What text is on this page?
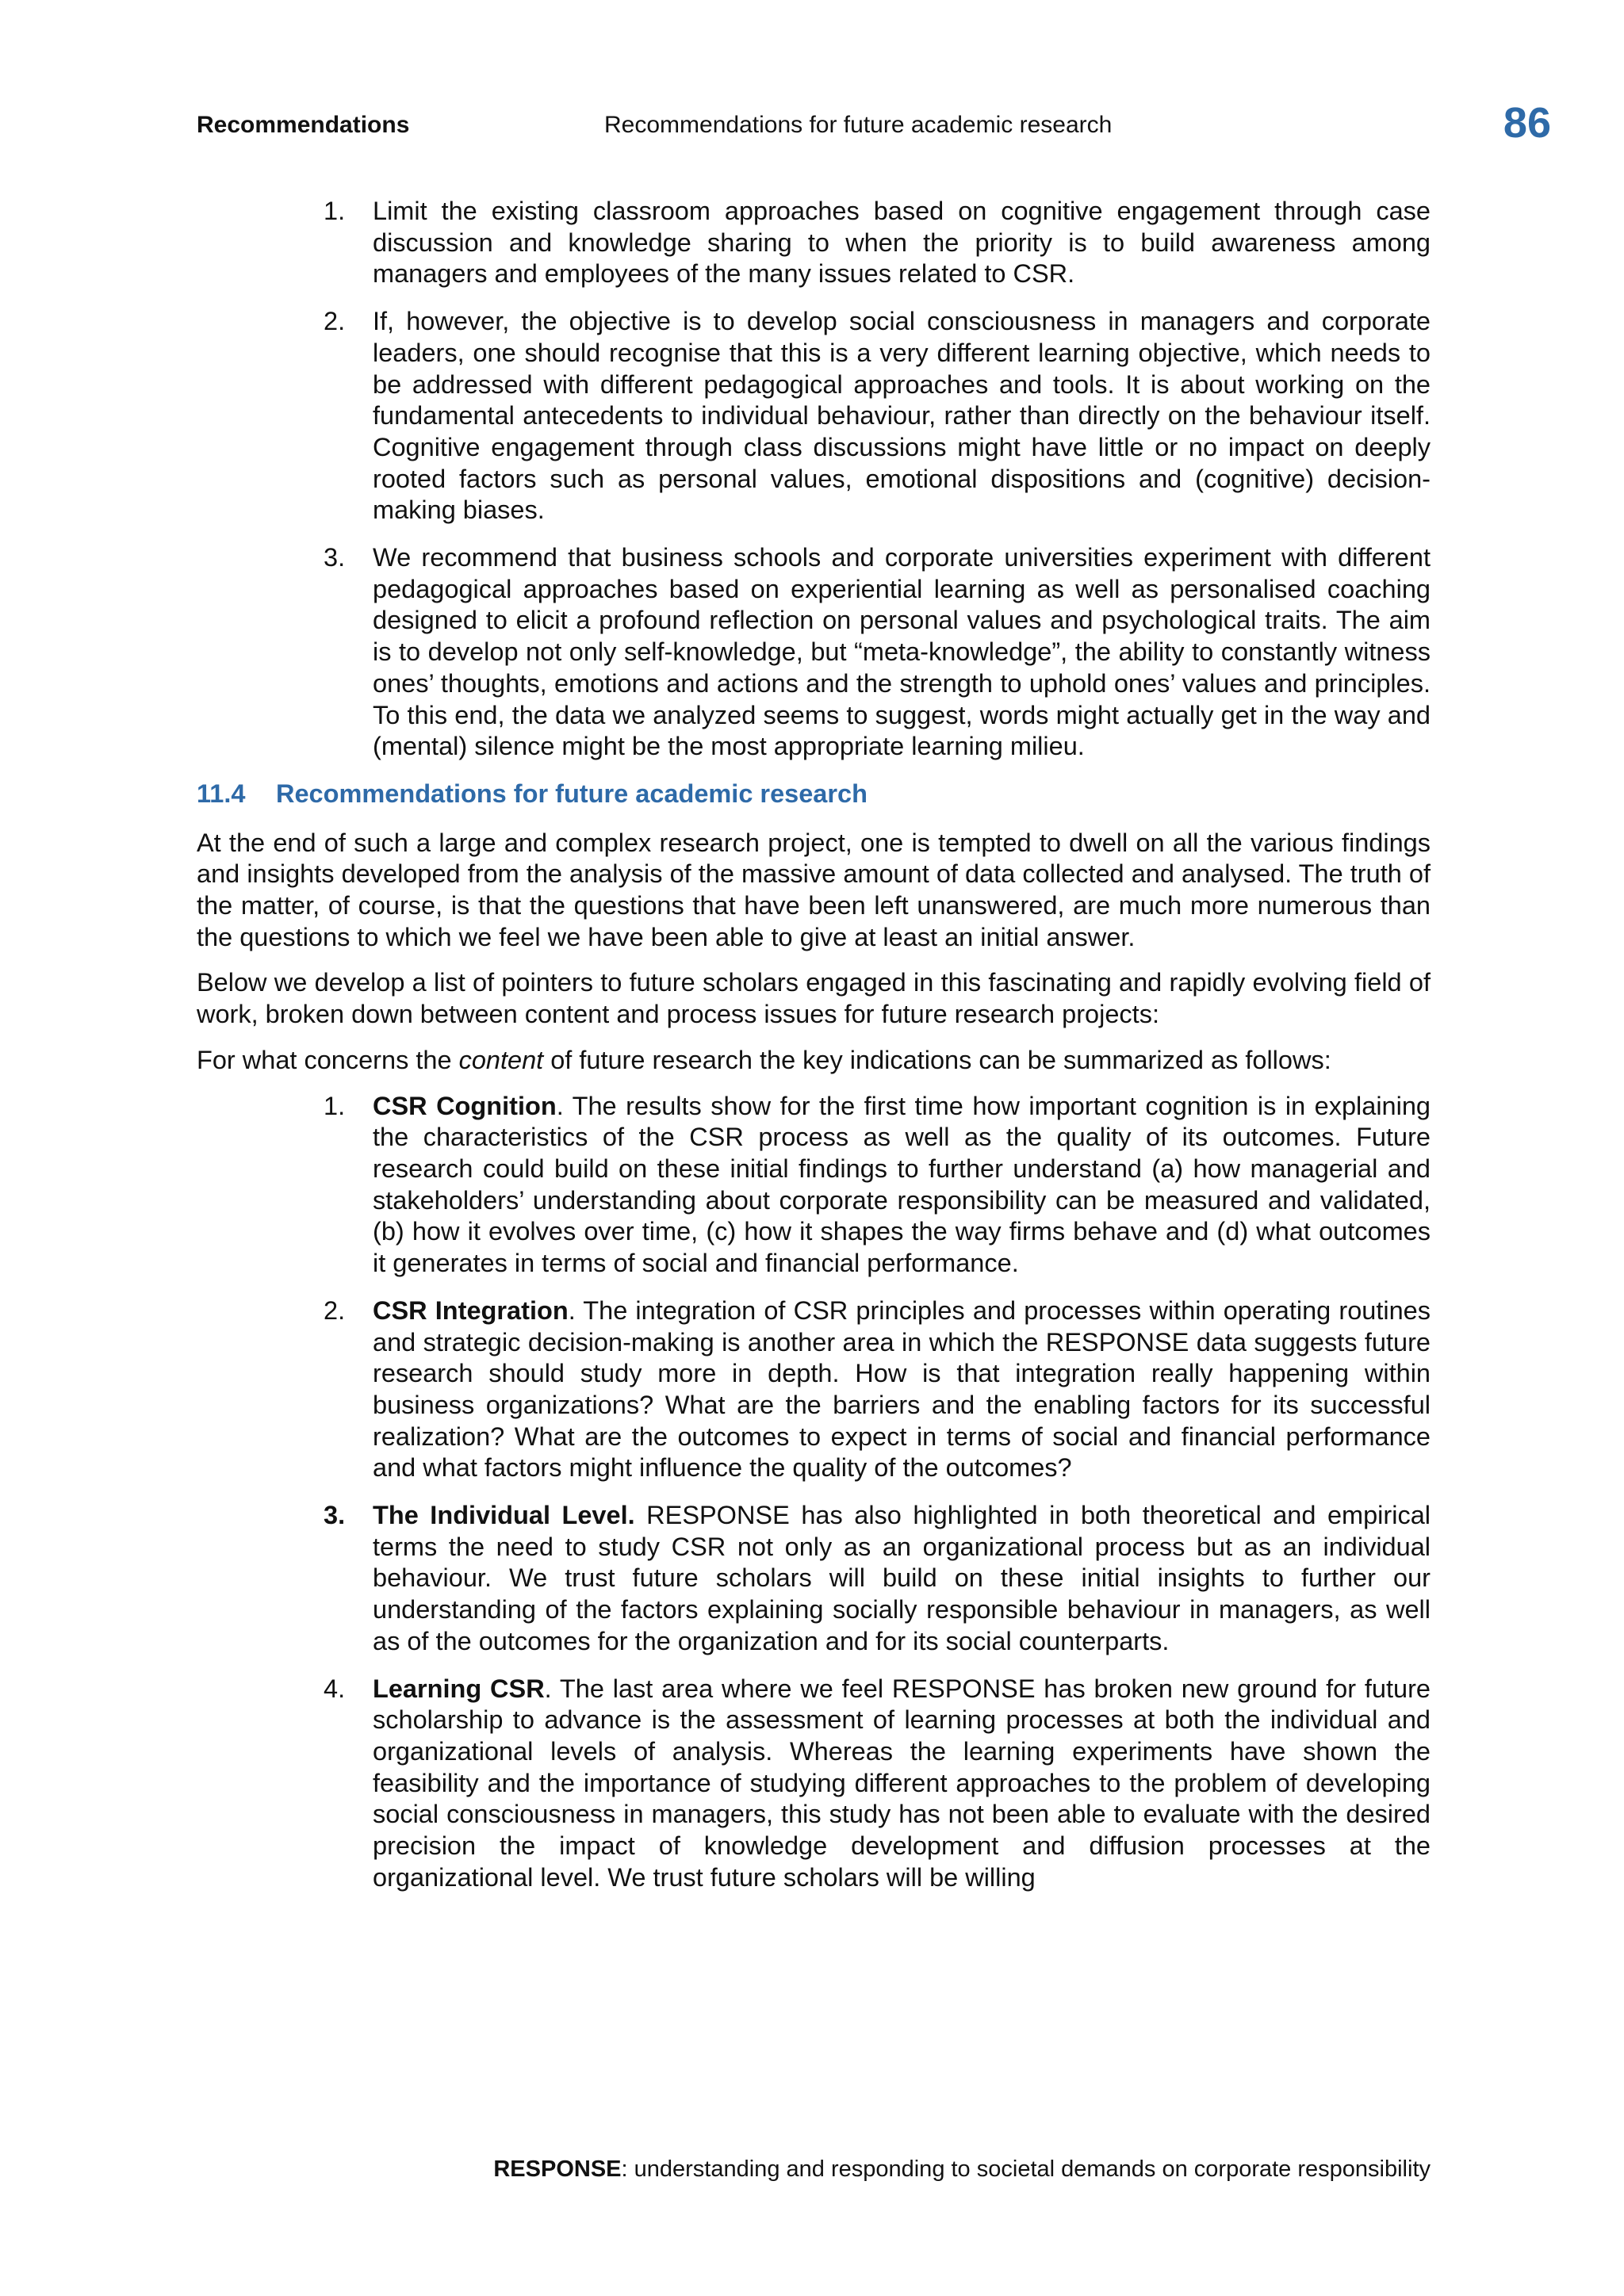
Recommendations	Recommendations for future academic research	86
1.	Limit the existing classroom approaches based on cognitive engagement through case discussion and knowledge sharing to when the priority is to build awareness among managers and employees of the many issues related to CSR.
2.	If, however, the objective is to develop social consciousness in managers and corporate leaders, one should recognise that this is a very different learning objective, which needs to be addressed with different pedagogical approaches and tools. It is about working on the fundamental antecedents to individual behaviour, rather than directly on the behaviour itself. Cognitive engagement through class discussions might have little or no impact on deeply rooted factors such as personal values, emotional dispositions and (cognitive) decision-making biases.
3.	We recommend that business schools and corporate universities experiment with different pedagogical approaches based on experiential learning as well as personalised coaching designed to elicit a profound reflection on personal values and psychological traits. The aim is to develop not only self-knowledge, but “meta-knowledge”, the ability to constantly witness ones’ thoughts, emotions and actions and the strength to uphold ones’ values and principles. To this end, the data we analyzed seems to suggest, words might actually get in the way and (mental) silence might be the most appropriate learning milieu.
11.4 Recommendations for future academic research

At the end of such a large and complex research project, one is tempted to dwell on all the various findings and insights developed from the analysis of the massive amount of data collected and analysed. The truth of the matter, of course, is that the questions that have been left unanswered, are much more numerous than the questions to which we feel we have been able to give at least an initial answer.

Below we develop a list of pointers to future scholars engaged in this fascinating and rapidly evolving field of work, broken down between content and process issues for future research projects:

For what concerns the content of future research the key indications can be summarized as follows:

1.	CSR Cognition. The results show for the first time how important cognition is in explaining the characteristics of the CSR process as well as the quality of its outcomes. Future research could build on these initial findings to further understand (a) how managerial and stakeholders’ understanding about corporate responsibility can be measured and validated, (b) how it evolves over time, (c) how it shapes the way firms behave and (d) what outcomes it generates in terms of social and financial performance.
2.	CSR Integration. The integration of CSR principles and processes within operating routines and strategic decision-making is another area in which the RESPONSE data suggests future research should study more in depth. How is that integration really happening within business organizations? What are the barriers and the enabling factors for its successful realization? What are the outcomes to expect in terms of social and financial performance and what factors might influence the quality of the outcomes?
3.	The Individual Level. RESPONSE has also highlighted in both theoretical and empirical terms the need to study CSR not only as an organizational process but as an individual behaviour. We trust future scholars will build on these initial insights to further our understanding of the factors explaining socially responsible behaviour in managers, as well as of the outcomes for the organization and for its social counterparts.
4.	Learning CSR. The last area where we feel RESPONSE has broken new ground for future scholarship to advance is the assessment of learning processes at both the individual and organizational levels of analysis. Whereas the learning experiments have shown the feasibility and the importance of studying different approaches to the problem of developing social consciousness in managers, this study has not been able to evaluate with the desired precision the impact of knowledge development and diffusion processes at the organizational level. We trust future scholars will be willing
RESPONSE: understanding and responding to societal demands on corporate responsibility
